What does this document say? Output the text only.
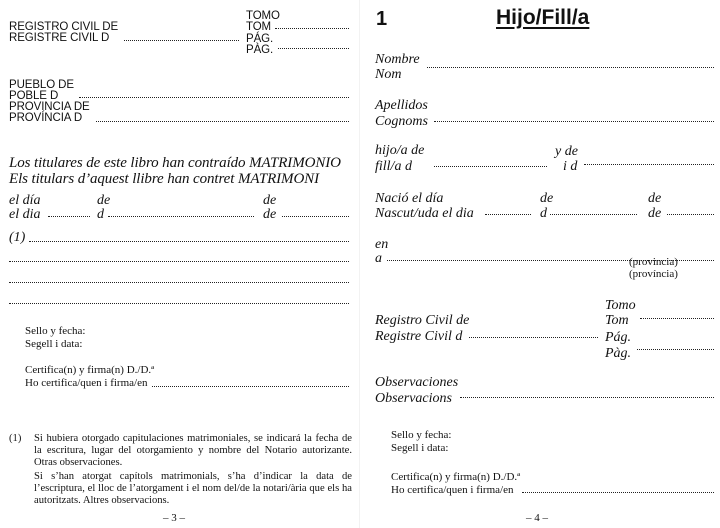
REGISTRO CIVIL DE
REGISTRE CIVIL D
TOMO
TOM
PÁG.
PÀG.
PUEBLO DE
POBLE D
PROVINCIA DE
PROVÍNCIA D
Los titulares de este libro han contraído MATRIMONIO
Els titulars d’aquest llibre han contret MATRIMONI
el día
el dia
de
d
de
de
(1)
Sello y fecha:
Segell i data:
Certifica(n) y firma(n) D./D.ª
Ho certifica/quen i firma/en
(1) Si hubiera otorgado capitulaciones matrimoniales, se indicará la fecha de la escritura, lugar del otorgamiento y nombre del Notario autorizante. Otras observaciones.
Si s’han atorgat capítols matrimonials, s’ha d’indicar la data de l’escriptura, el lloc de l’atorgament i el nom del/de la notari/ària que els ha autoritzats. Altres observacions.
– 3 –
1	Hijo/Fill/a
Nombre
Nom
Apellidos
Cognoms
hijo/a de
fill/a d
y de
i d
Nació el día
Nascut/uda el dia
de
d
de
de
en
a	(provincia)
(província)
Tomo
Tom
Pág.
Pàg.
Registro Civil de
Registre Civil d
Observaciones
Observacions
Sello y fecha:
Segell i data:
Certifica(n) y firma(n) D./D.ª
Ho certifica/quen i firma/en
– 4 –
